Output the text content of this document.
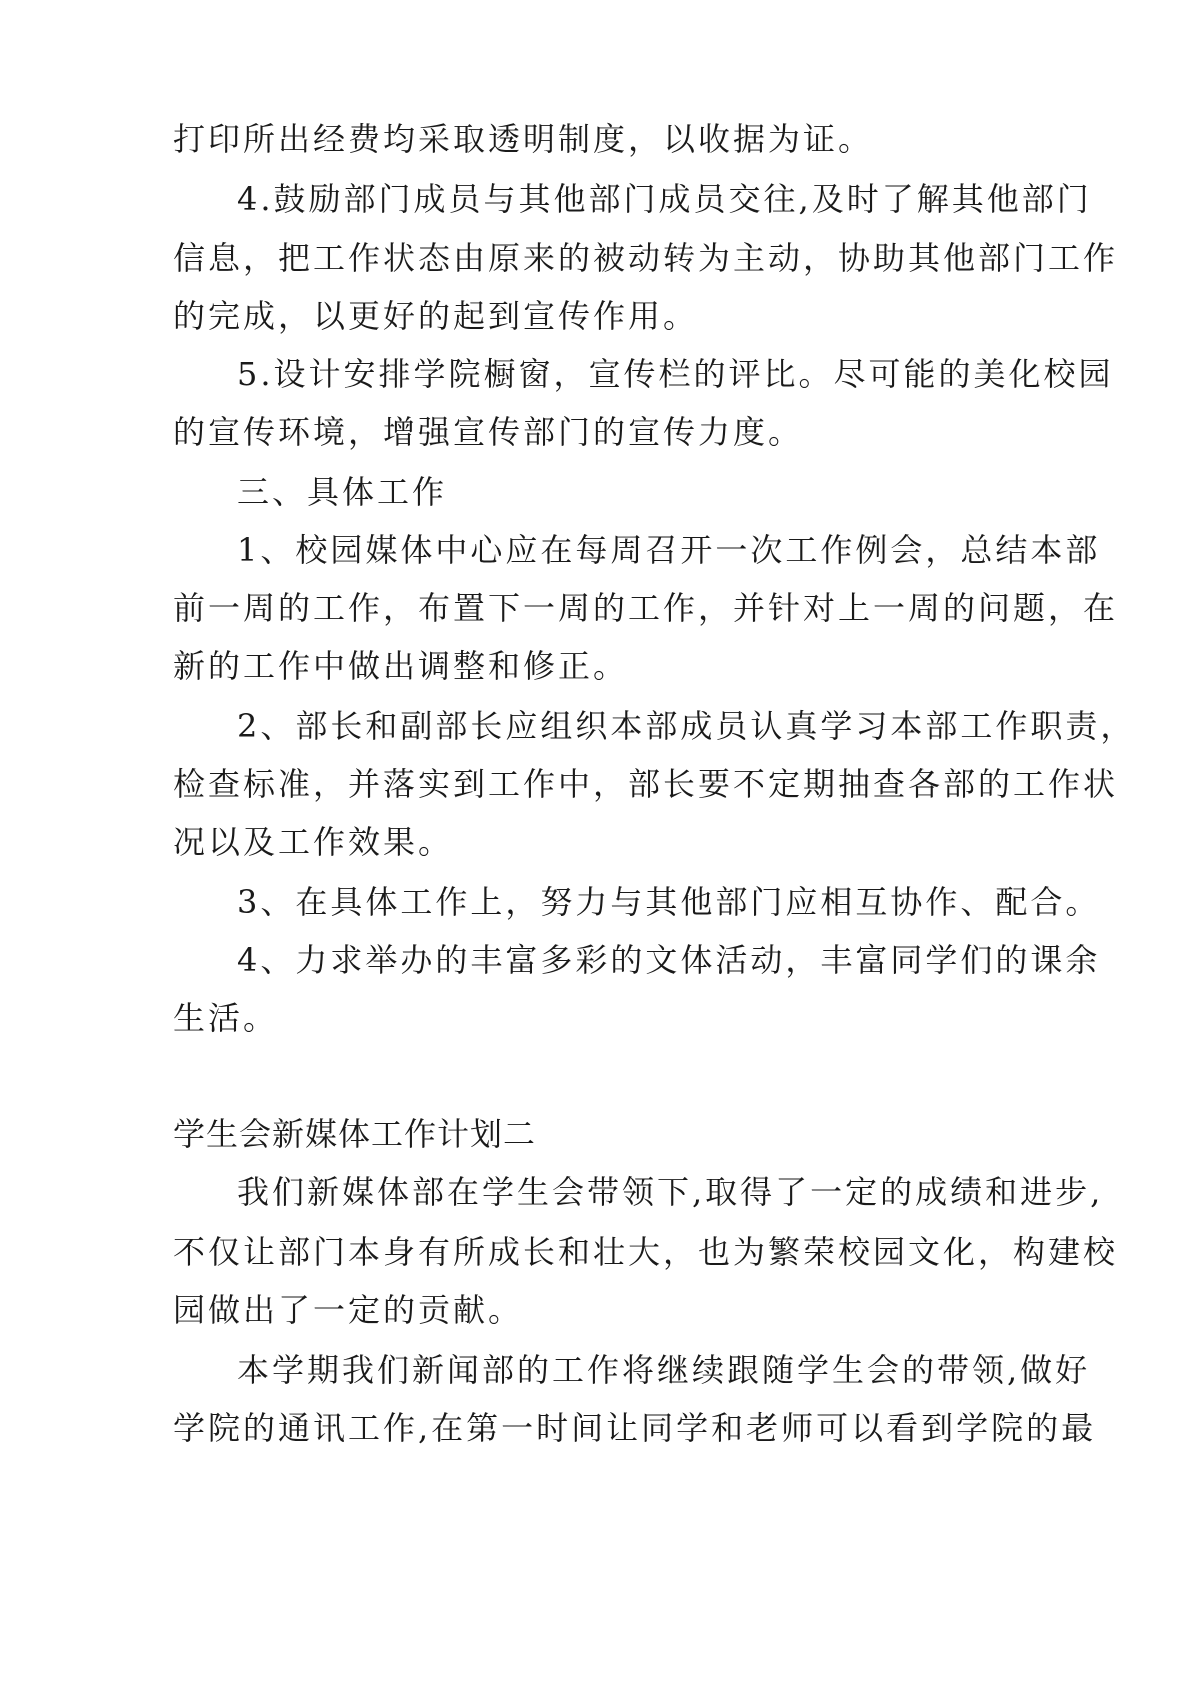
打印所出经费均采取透明制度，以收据为证。
4.鼓励部门成员与其他部门成员交往,及时了解其他部门
信息，把工作状态由原来的被动转为主动，协助其他部门工作
的完成，以更好的起到宣传作用。
5.设计安排学院橱窗，宣传栏的评比。尽可能的美化校园
的宣传环境，增强宣传部门的宣传力度。
三、具体工作
1、校园媒体中心应在每周召开一次工作例会，总结本部
前一周的工作，布置下一周的工作，并针对上一周的问题，在
新的工作中做出调整和修正。
2、部长和副部长应组织本部成员认真学习本部工作职责，
检查标准，并落实到工作中，部长要不定期抽查各部的工作状
况以及工作效果。
3、在具体工作上，努力与其他部门应相互协作、配合。
4、力求举办的丰富多彩的文体活动，丰富同学们的课余
生活。
学生会新媒体工作计划二
我们新媒体部在学生会带领下,取得了一定的成绩和进步,
不仅让部门本身有所成长和壮大，也为繁荣校园文化，构建校
园做出了一定的贡献。
本学期我们新闻部的工作将继续跟随学生会的带领,做好
学院的通讯工作,在第一时间让同学和老师可以看到学院的最
